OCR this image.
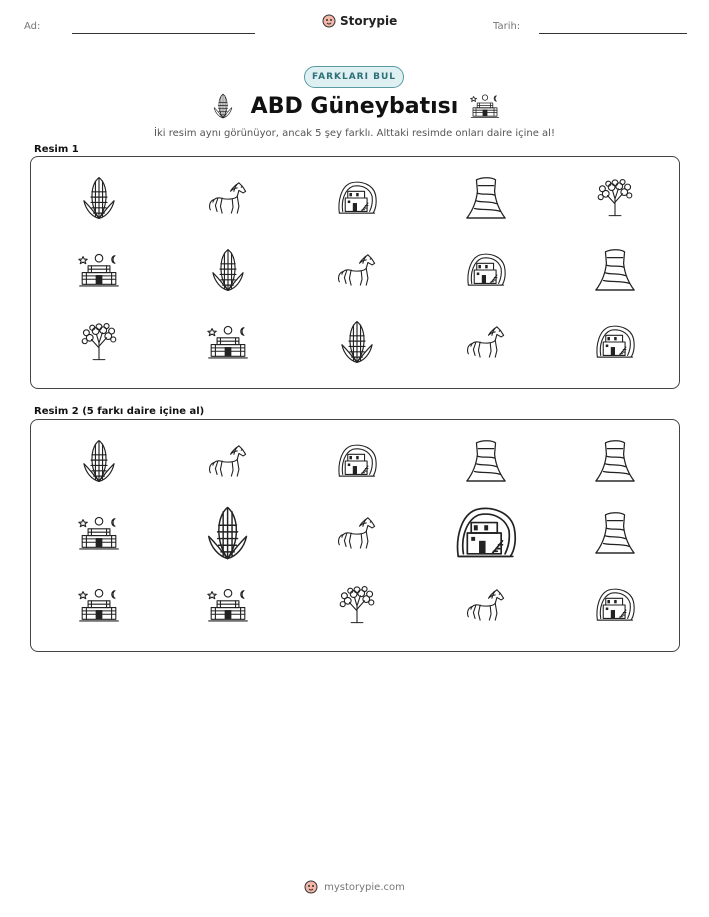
Ad:	Storypie	Tarih:
FARKLARI BUL
ABD Güneybatısı
İki resim aynı görünüyor, ancak 5 şey farklı. Alttaki resimde onları daire içine al!
Resim 1
Resim 2 (5 farkı daire içine al)
mystorypie.com
